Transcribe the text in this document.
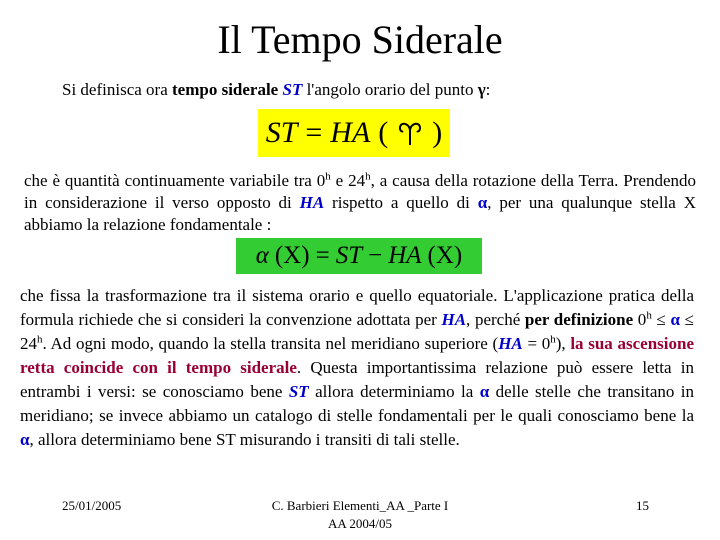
Il Tempo Siderale
Si definisca ora tempo siderale ST l'angolo orario del punto γ:
ST = HA ( )
che è quantità continuamente variabile tra 0$^h$ e 24$^h$, a causa della rotazione della Terra. Prendendo in considerazione il verso opposto di HA rispetto a quello di α, per una qualunque stella X abbiamo la relazione fondamentale :
α (X) = ST − HA (X)
che fissa la trasformazione tra il sistema orario e quello equatoriale. L'applicazione pratica della formula richiede che si consideri la convenzione adottata per HA, perché per definizione $0^h \le \alpha \le 24^h$. Ad ogni modo, quando la stella transita nel meridiano superiore $(HA = 0^h)$, la sua ascensione retta coincide con il tempo siderale. Questa importantissima relazione può essere letta in entrambi i versi: se conosciamo bene ST allora determiniamo la α delle stelle che transitano in meridiano; se invece abbiamo un catalogo di stelle fondamentali per le quali conosciamo bene la α, allora determiniamo bene ST misurando i transiti di tali stelle.
25/01/2005	C. Barbieri Elementi_AA _Parte I
AA 2004/05
15
